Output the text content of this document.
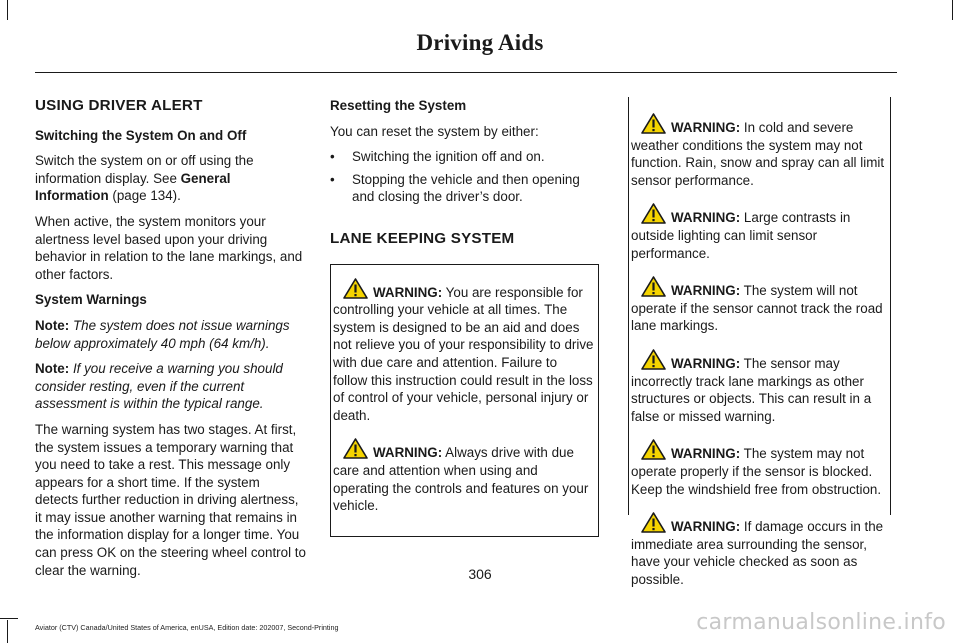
Driving Aids
USING DRIVER ALERT
Switching the System On and Off

Switch the system on or off using the information display. See General Information (page 134).

When active, the system monitors your alertness level based upon your driving behavior in relation to the lane markings, and other factors.

System Warnings

Note: The system does not issue warnings below approximately 40 mph (64 km/h).

Note: If you receive a warning you should consider resting, even if the current assessment is within the typical range.

The warning system has two stages. At first, the system issues a temporary warning that you need to take a rest. This message only appears for a short time. If the system detects further reduction in driving alertness, it may issue another warning that remains in the information display for a longer time. You can press OK on the steering wheel control to clear the warning.

Resetting the System

You can reset the system by either:

• Switching the ignition off and on.
• Stopping the vehicle and then opening and closing the driver’s door.
LANE KEEPING SYSTEM
WARNING: You are responsible for controlling your vehicle at all times. The system is designed to be an aid and does not relieve you of your responsibility to drive with due care and attention. Failure to follow this instruction could result in the loss of control of your vehicle, personal injury or death.
WARNING: Always drive with due care and attention when using and operating the controls and features on your vehicle.
WARNING: In cold and severe weather conditions the system may not function. Rain, snow and spray can all limit sensor performance.
WARNING: Large contrasts in outside lighting can limit sensor performance.
WARNING: The system will not operate if the sensor cannot track the road lane markings.
WARNING: The sensor may incorrectly track lane markings as other structures or objects. This can result in a false or missed warning.
WARNING: The system may not operate properly if the sensor is blocked. Keep the windshield free from obstruction.
WARNING: If damage occurs in the immediate area surrounding the sensor, have your vehicle checked as soon as possible.
306
Aviator (CTV) Canada/United States of America, enUSA, Edition date: 202007, Second-Printing	carmanualsonline.info
